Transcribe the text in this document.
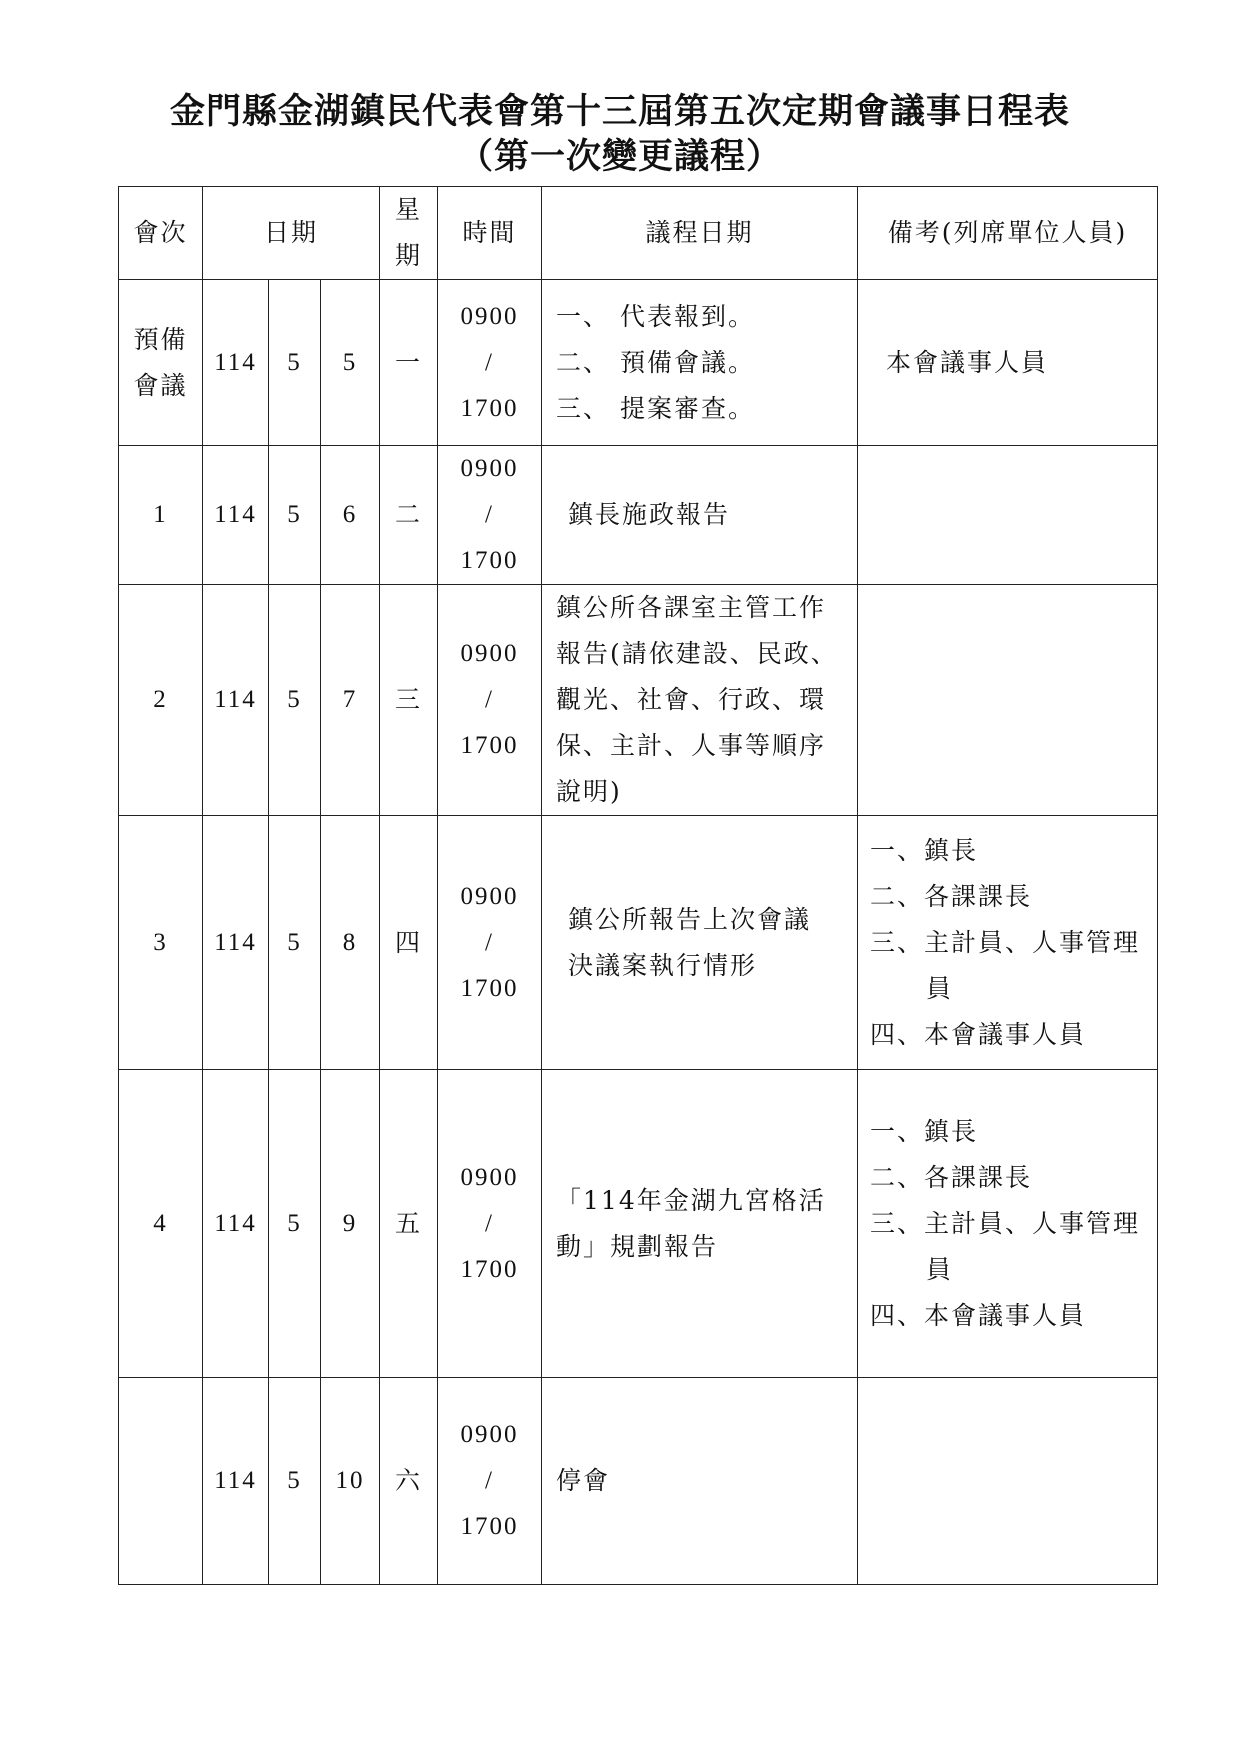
金門縣金湖鎮民代表會第十三屆第五次定期會議事日程表
（第一次變更議程）
會次	日期			星
期	時間	議程日期	備考(列席單位人員)

預備
會議	114	5	5	一	0900
/
1700	一、 代表報到。
二、 預備會議。
三、 提案審查。	本會議事人員
1	114	5	6	二	0900
/
1700	鎮長施政報告	
2	114	5	7	三	0900
/
1700	鎮公所各課室主管工作
報告(請依建設、民政、
觀光、社會、行政、環
保、主計、人事等順序
說明)	

3	114	5	8	四	0900
/
1700	鎮公所報告上次會議
決議案執行情形	一、鎮長
二、各課課長
三、主計員、人事管理
員
四、本會議事人員

4	114	5	9	五	0900
/
1700	「114年金湖九宮格活
動」規劃報告	一、鎮長
二、各課課長
三、主計員、人事管理
員
四、本會議事人員

	114	5	10	六	0900
/
1700	停會	
